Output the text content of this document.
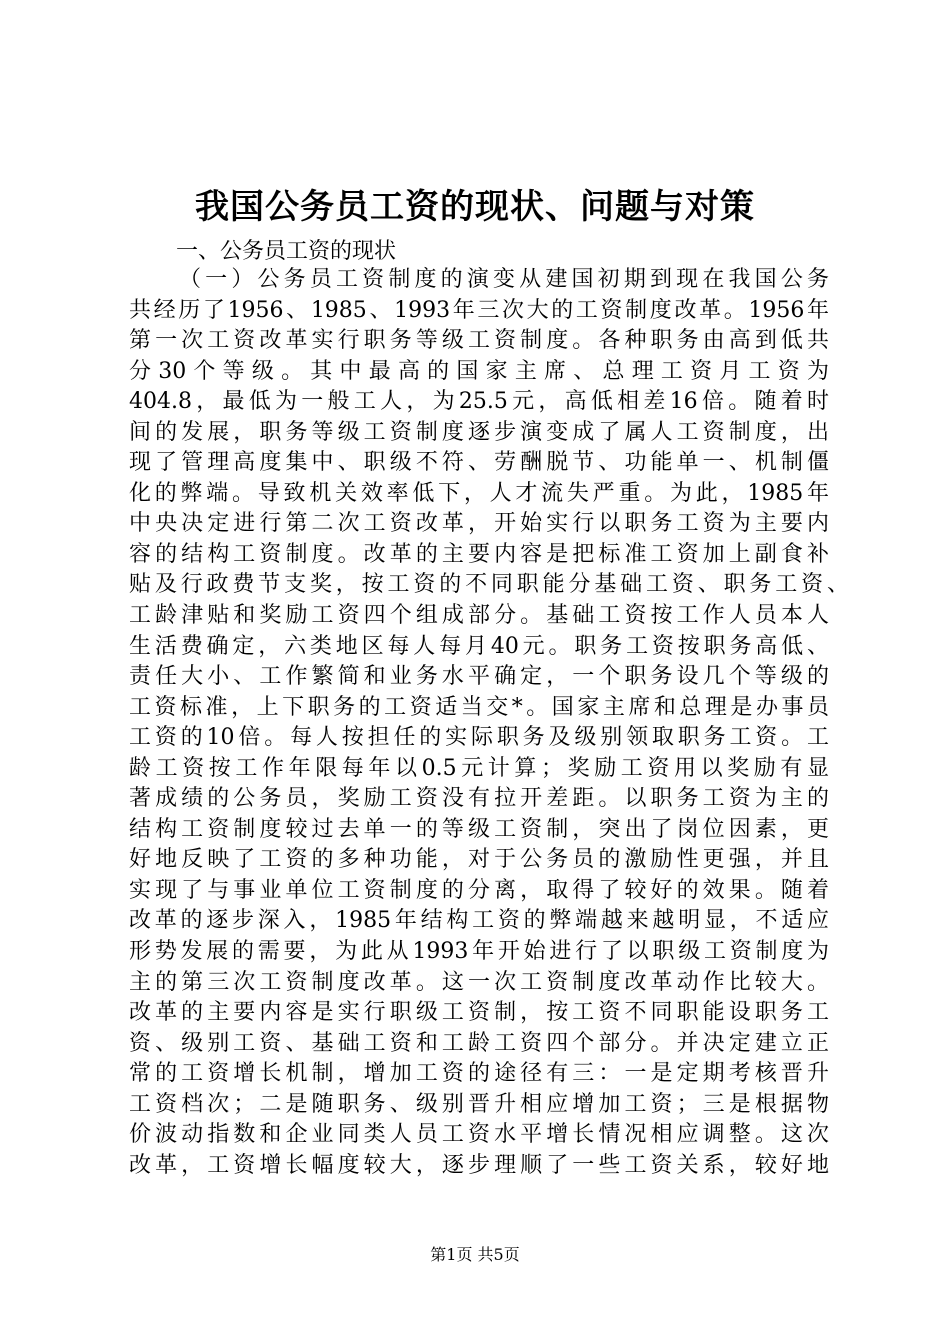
我国公务员工资的现状、问题与对策

一、公务员工资的现状

（一）公务员工资制度的演变从建国初期到现在我国公务
共经历了1956、1985、1993年三次大的工资制度改革。1956年
第一次工资改革实行职务等级工资制度。各种职务由高到低共
分30个等级。其中最高的国家主席、总理工资月工资为
404.8，最低为一般工人，为25.5元，高低相差16倍。随着时
间的发展，职务等级工资制度逐步演变成了属人工资制度，出
现了管理高度集中、职级不符、劳酬脱节、功能单一、机制僵
化的弊端。导致机关效率低下，人才流失严重。为此，1985年
中央决定进行第二次工资改革，开始实行以职务工资为主要内
容的结构工资制度。改革的主要内容是把标准工资加上副食补
贴及行政费节支奖，按工资的不同职能分基础工资、职务工资、
工龄津贴和奖励工资四个组成部分。基础工资按工作人员本人
生活费确定，六类地区每人每月40元。职务工资按职务高低、
责任大小、工作繁简和业务水平确定，一个职务设几个等级的
工资标准，上下职务的工资适当交*。国家主席和总理是办事员
工资的10倍。每人按担任的实际职务及级别领取职务工资。工
龄工资按工作年限每年以0.5元计算；奖励工资用以奖励有显
著成绩的公务员，奖励工资没有拉开差距。以职务工资为主的
结构工资制度较过去单一的等级工资制，突出了岗位因素，更
好地反映了工资的多种功能，对于公务员的激励性更强，并且
实现了与事业单位工资制度的分离，取得了较好的效果。随着
改革的逐步深入，1985年结构工资的弊端越来越明显，不适应
形势发展的需要，为此从1993年开始进行了以职级工资制度为
主的第三次工资制度改革。这一次工资制度改革动作比较大。
改革的主要内容是实行职级工资制，按工资不同职能设职务工
资、级别工资、基础工资和工龄工资四个部分。并决定建立正
常的工资增长机制，增加工资的途径有三：一是定期考核晋升
工资档次；二是随职务、级别晋升相应增加工资；三是根据物
价波动指数和企业同类人员工资水平增长情况相应调整。这次
改革，工资增长幅度较大，逐步理顺了一些工资关系，较好地
第1页 共5页
